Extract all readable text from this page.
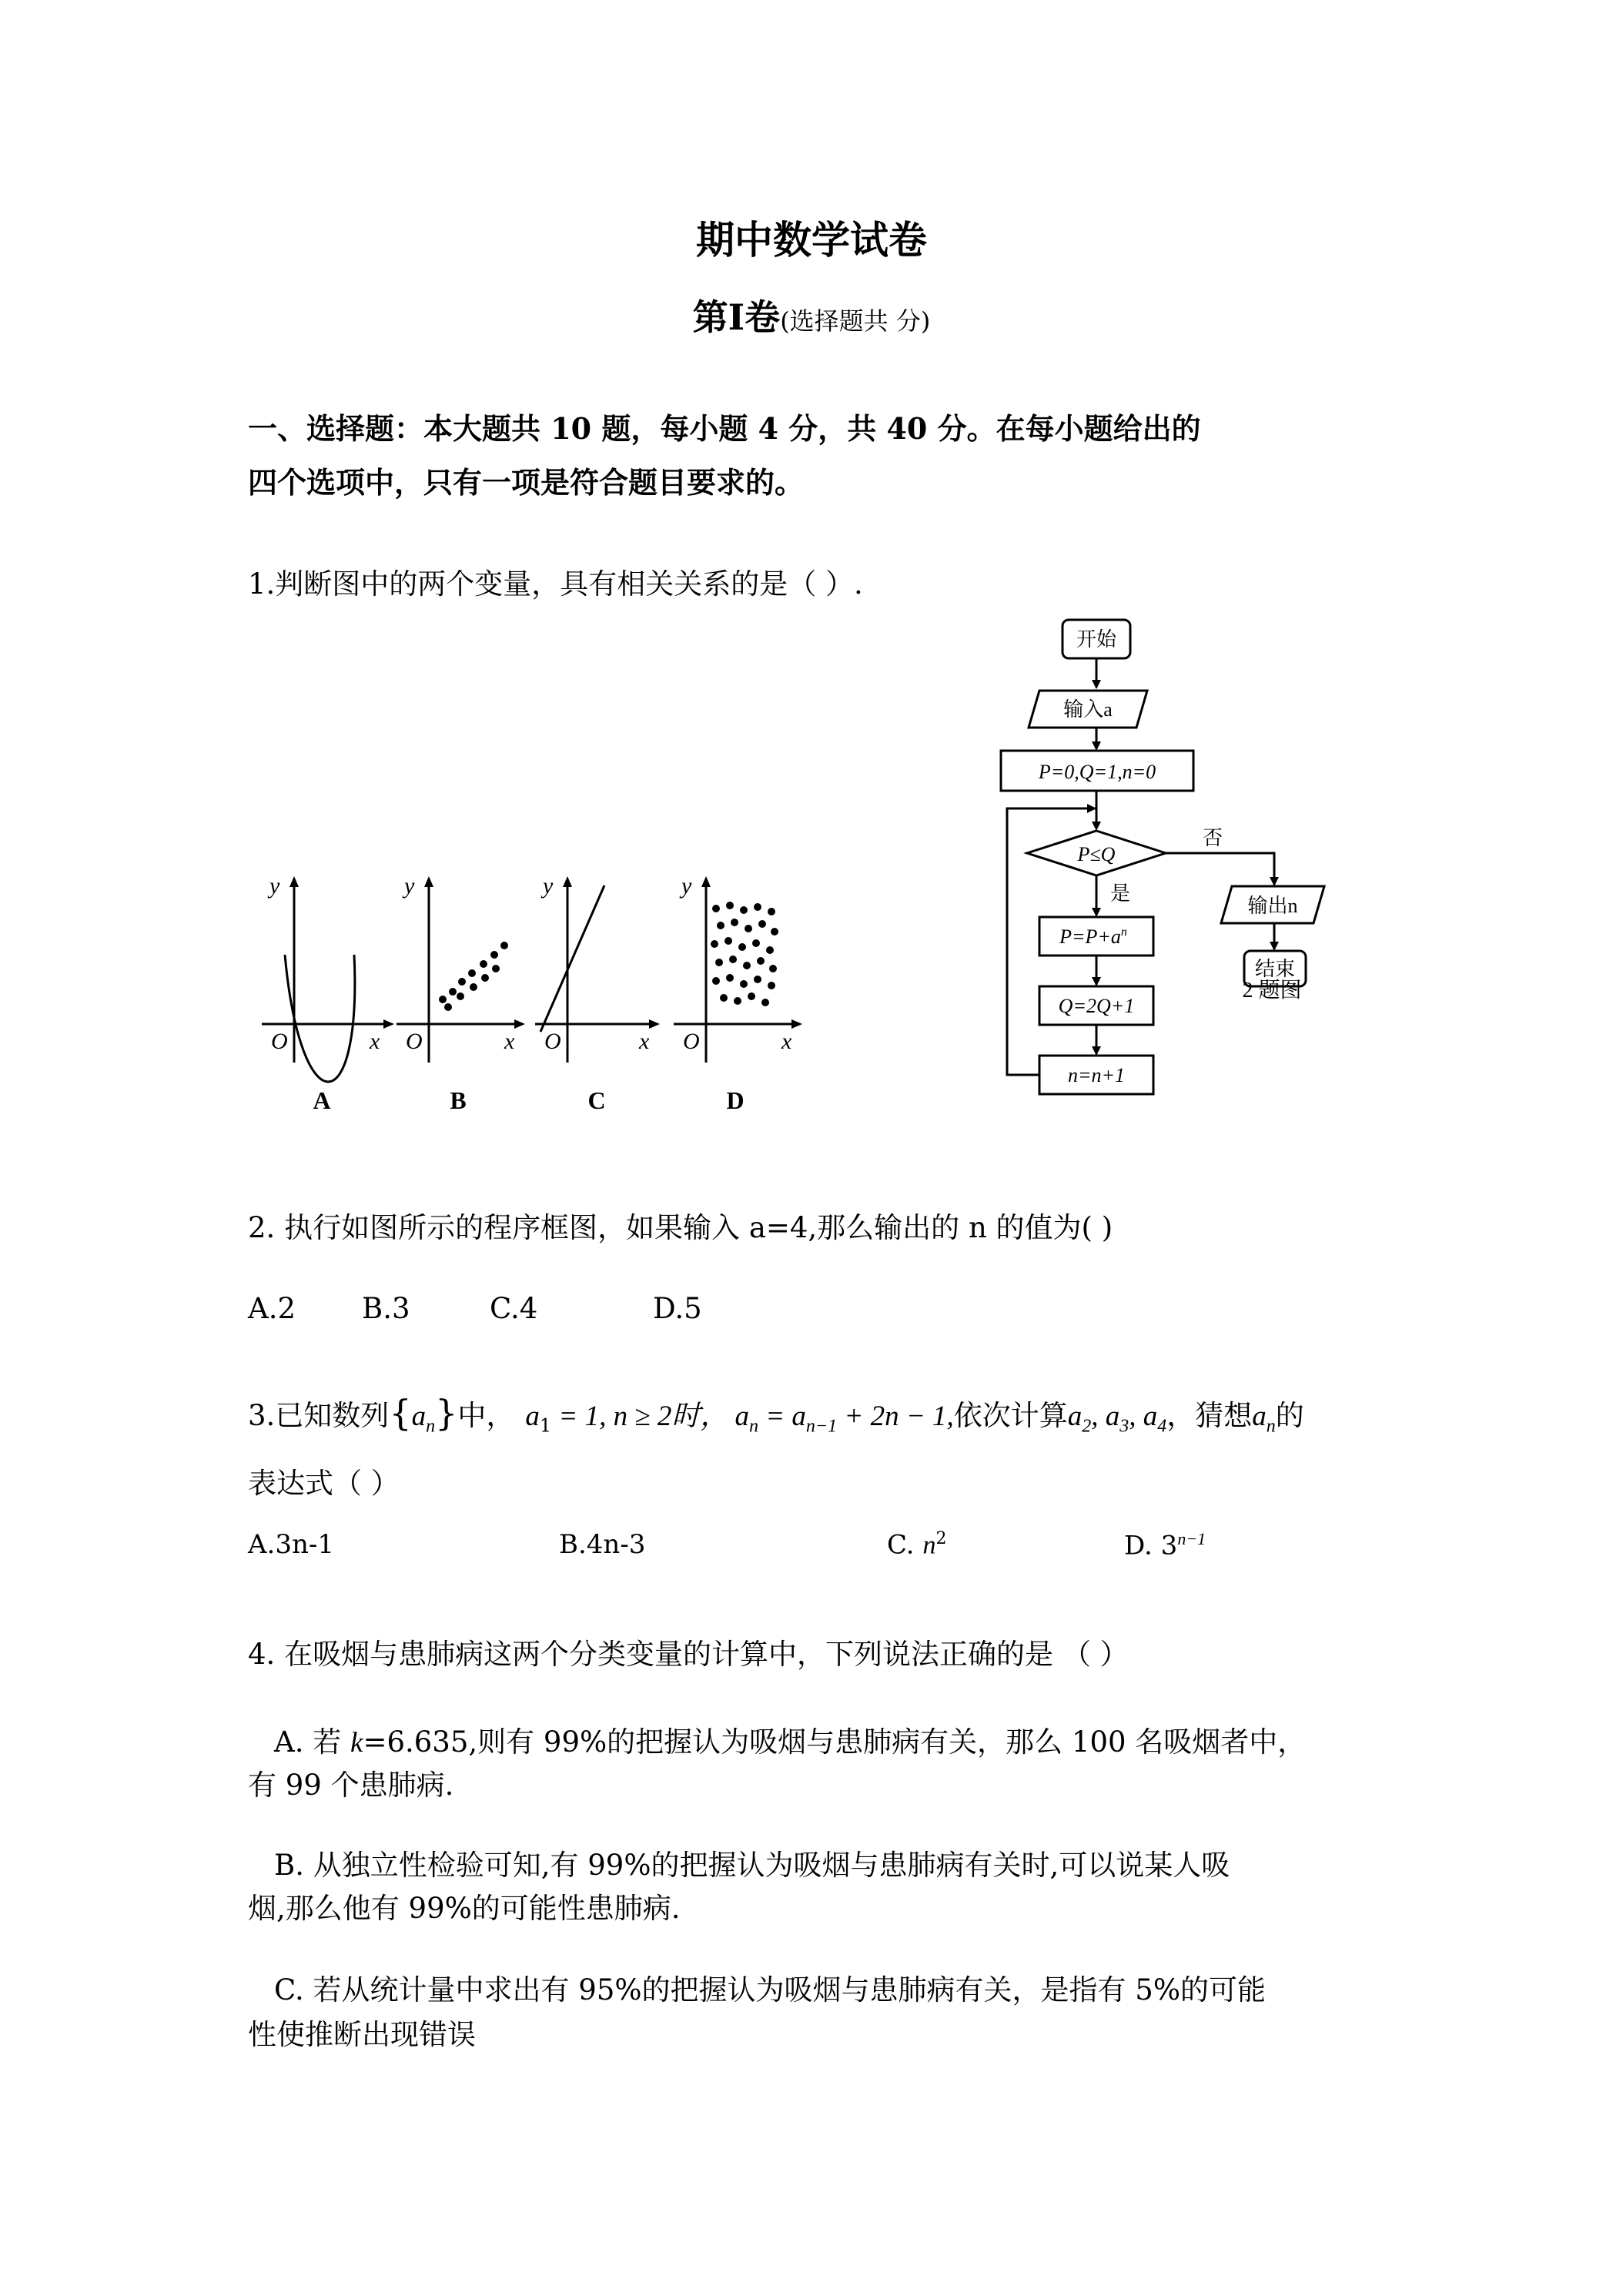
期中数学试卷
第Ⅰ卷(选择题共 分)
一、选择题：本大题共 10 题，每小题 4 分，共 40 分。在每小题给出的
四个选项中，只有一项是符合题目要求的。
1.判断图中的两个变量，具有相关关系的是（ ）.
y
O	x
y
O	x
y
O	x
y
O	x
A	B	C	D
开始
输入a
P=0,Q=1,n=0
P≤Q
否
是
$P=P+a^n$
Q=2Q+1
n=n+1
输出n
结束
2 题图
2. 执行如图所示的程序框图，如果输入 a=4,那么输出的 n 的值为( )
A.2 B.3	C.4	D.5
3.已知数列$\{a_n\}$中， $a_1 = 1$, n ≥ 2时， $a_n = a_{n-1} + 2n - 1$,依次计算$a_2$, $a_3$, $a_4$，猜想$a_n$的
表达式（ ）
A.3n-1	B.4n-3	C. $n^2$	D. $3^{n-1}$
4. 在吸烟与患肺病这两个分类变量的计算中，下列说法正确的是 （ ）
A. 若 k=6.635,则有 99%的把握认为吸烟与患肺病有关，那么 100 名吸烟者中，
有 99 个患肺病.
B. 从独立性检验可知,有 99%的把握认为吸烟与患肺病有关时,可以说某人吸
烟,那么他有 99%的可能性患肺病.
C. 若从统计量中求出有 95%的把握认为吸烟与患肺病有关，是指有 5%的可能
性使推断出现错误
